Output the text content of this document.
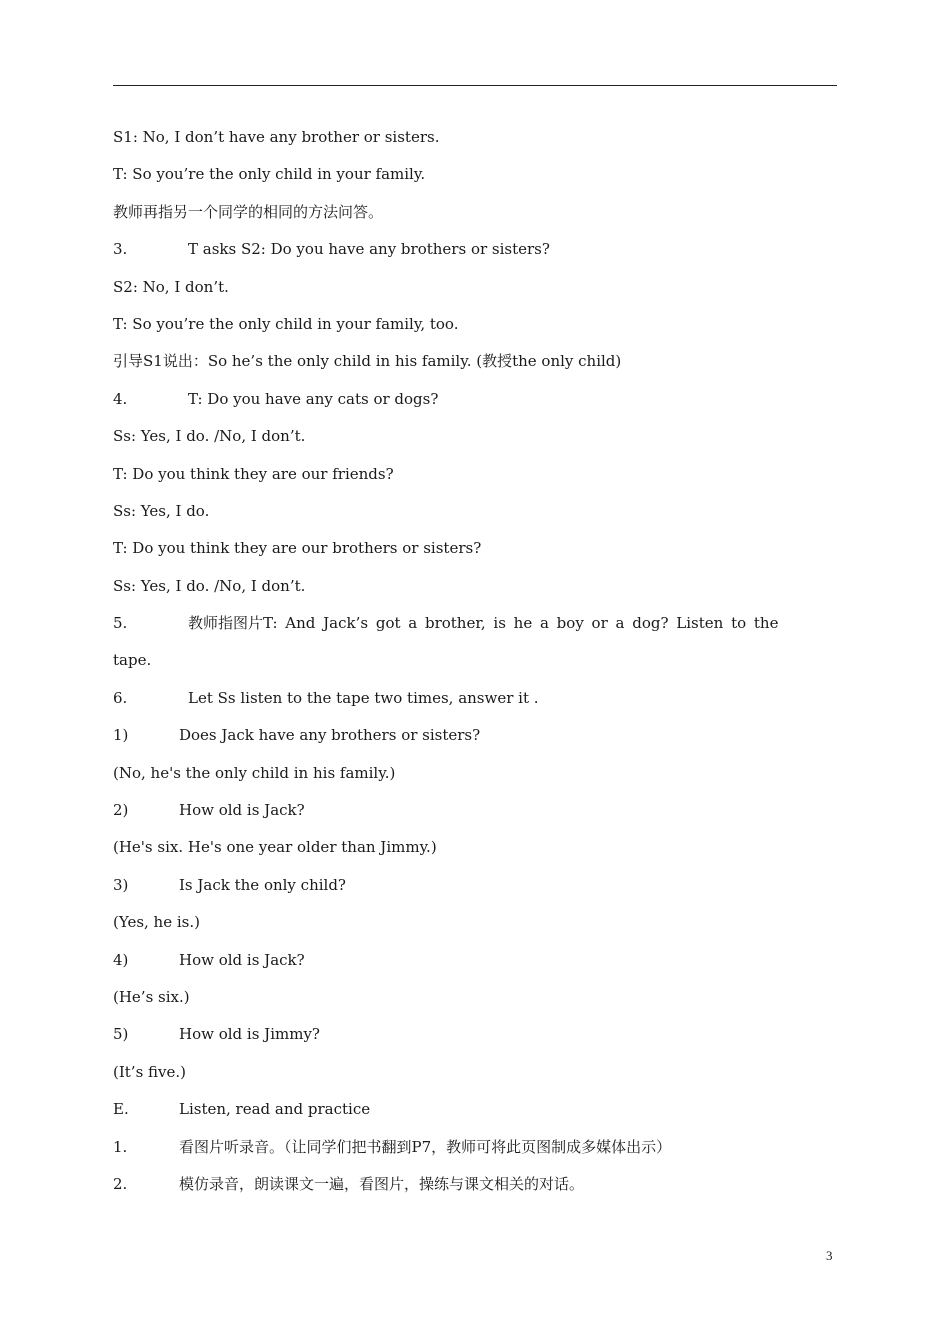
S1: No, I don’t have any brother or sisters.
T: So you’re the only child in your family.
教师再指另一个同学的相同的方法问答。
3.	T asks S2: Do you have any brothers or sisters?
S2: No, I don’t.
T: So you’re the only child in your family, too.
引导S1说出：So he’s the only child in his family. (教授the only child)
4.	T: Do you have any cats or dogs?
Ss: Yes, I do. /No, I don’t.
T: Do you think they are our friends?
Ss: Yes, I do.
T: Do you think they are our brothers or sisters?
Ss: Yes, I do. /No, I don’t.
5.	教师指图片T: And Jack’s got a brother, is he a boy or a dog? Listen to the
tape.
6.	Let Ss listen to the tape two times, answer it .
1)	Does Jack have any brothers or sisters?
(No, he's the only child in his family.)
2)	How old is Jack?
(He's six. He's one year older than Jimmy.)
3)	Is Jack the only child?
(Yes, he is.)
4)	How old is Jack?
(He’s six.)
5)	How old is Jimmy?
(It’s five.)
E.	Listen, read and practice
1.	看图片听录音。（让同学们把书翻到P7，教师可将此页图制成多媒体出示）
2.	模仿录音，朗读课文一遍，看图片，操练与课文相关的对话。
3
